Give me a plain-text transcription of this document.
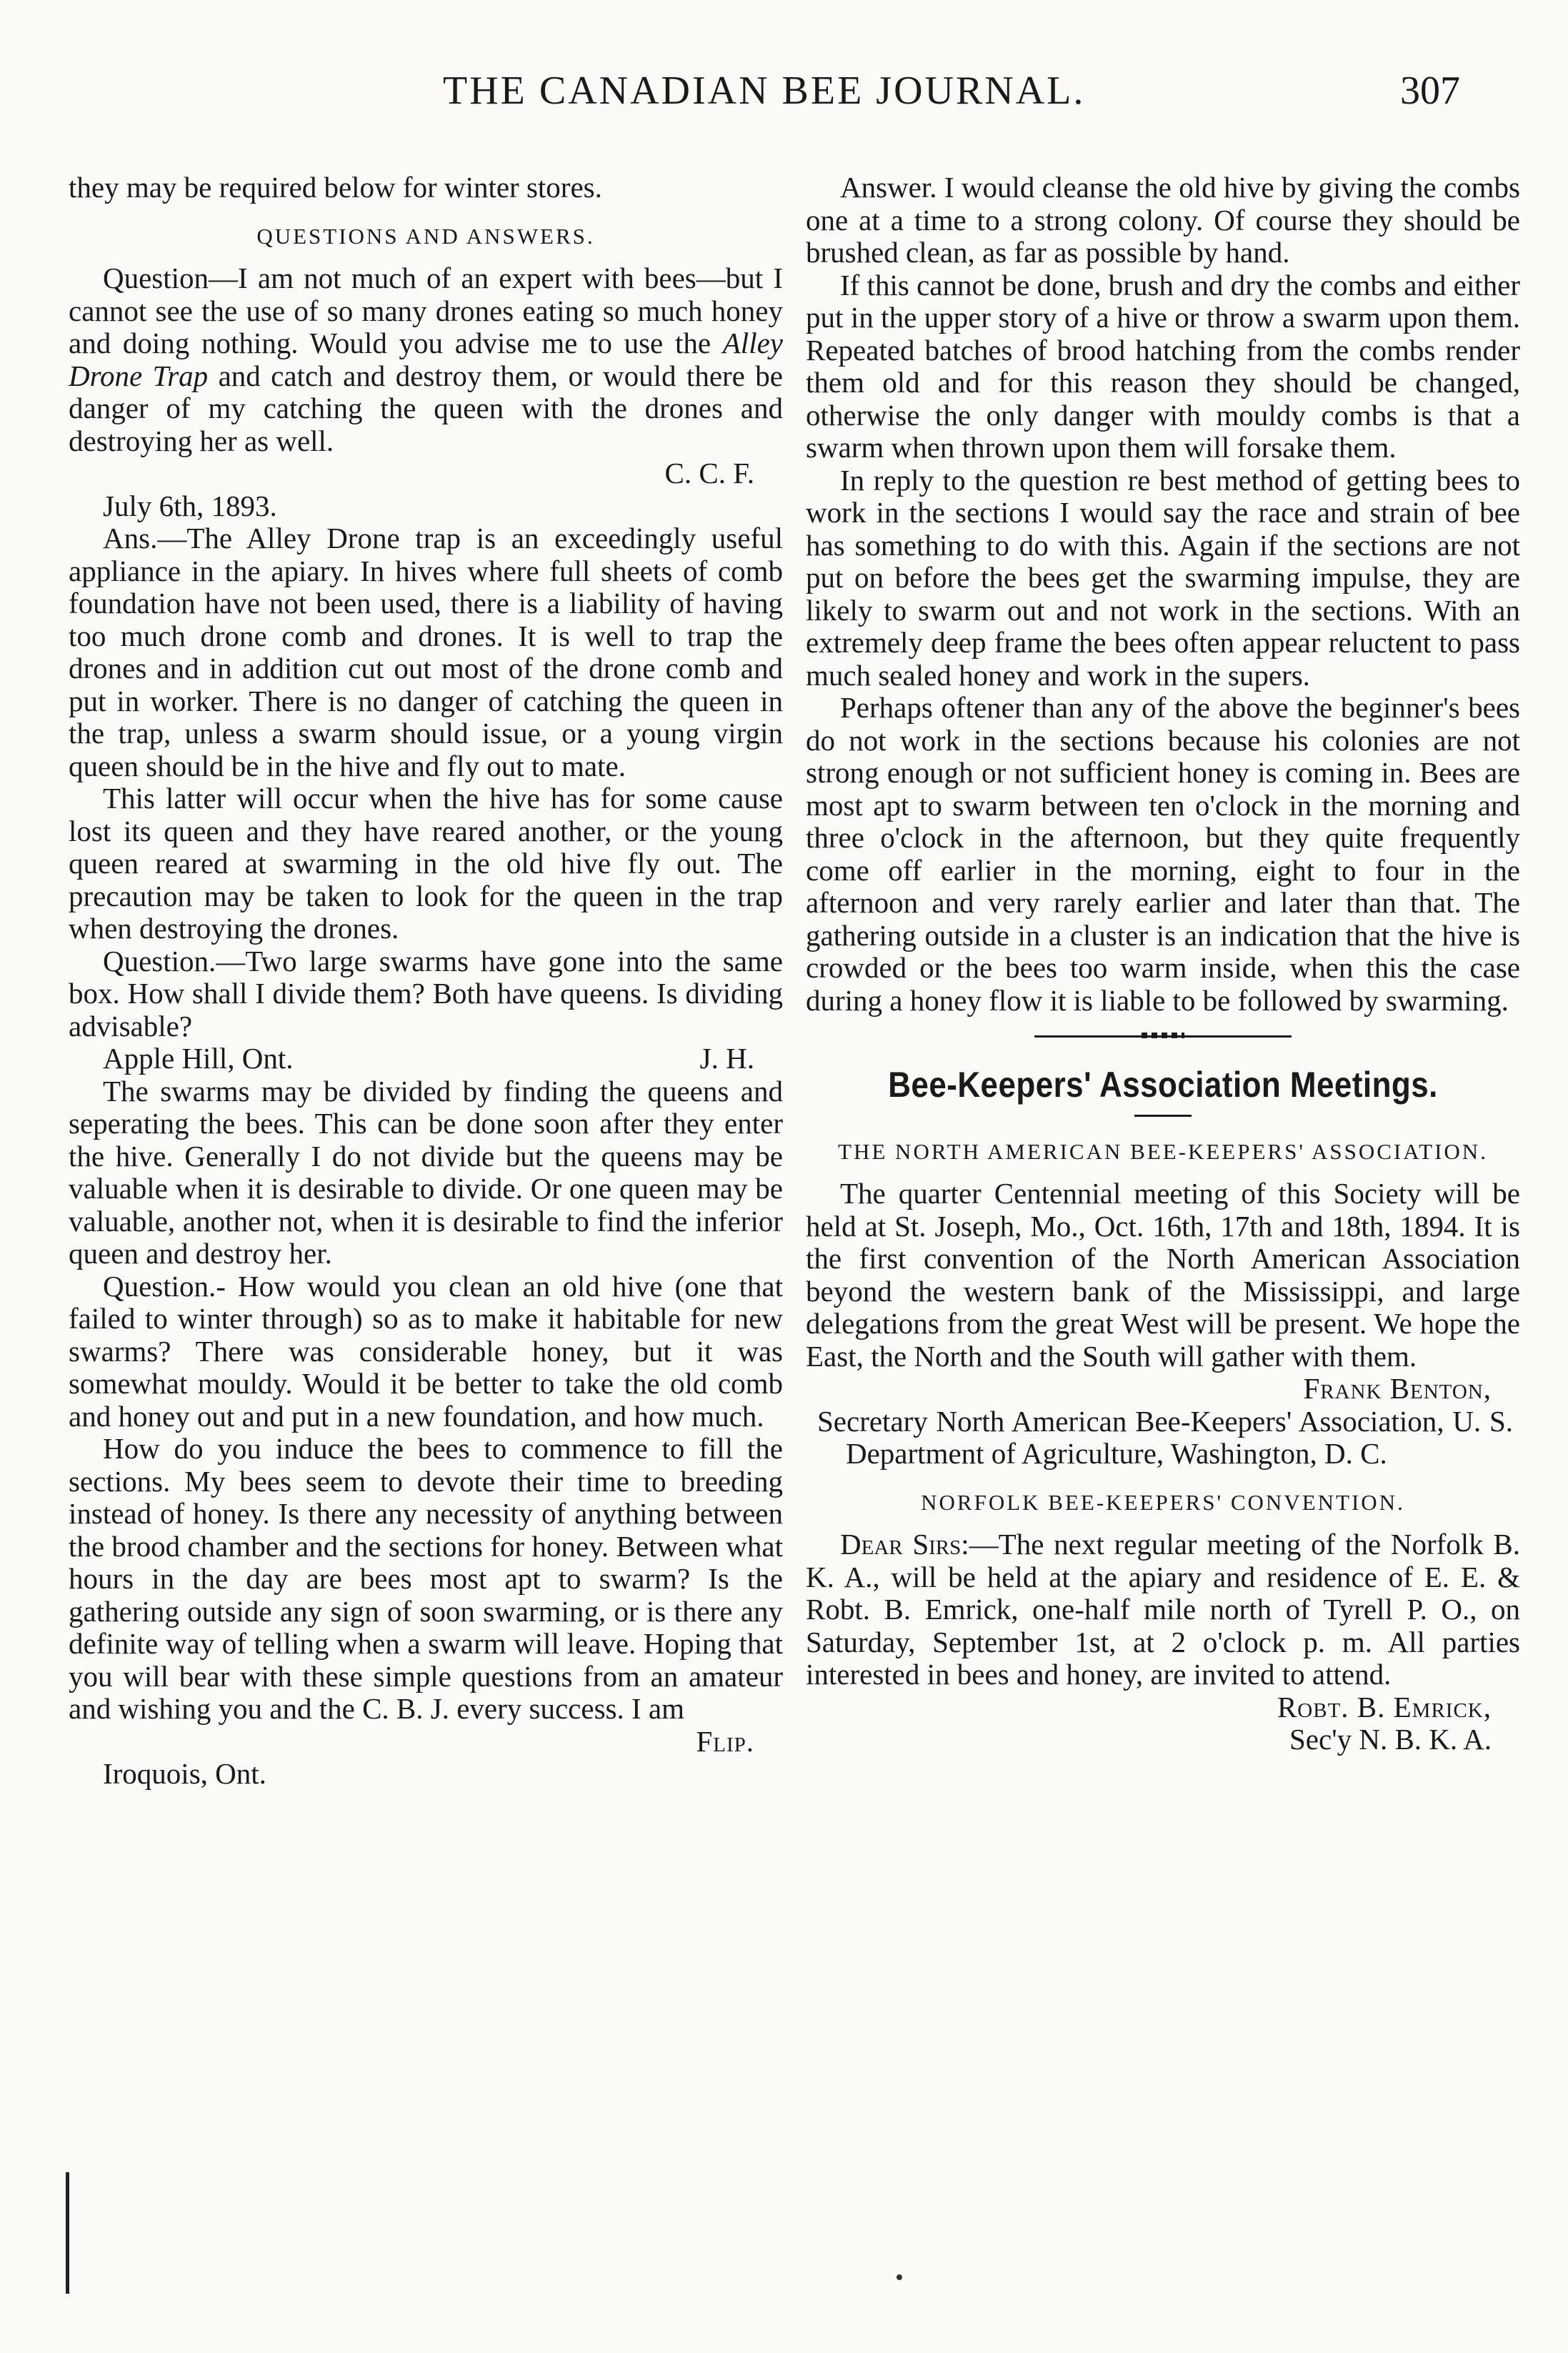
THE CANADIAN BEE JOURNAL.	307

they may be required below for winter stores.

QUESTIONS AND ANSWERS.

Question—I am not much of an expert with bees—but I cannot see the use of so many drones eating so much honey and doing nothing. Would you advise me to use the Alley Drone Trap and catch and destroy them, or would there be danger of my catching the queen with the drones and destroying her as well.

C. C. F.

July 6th, 1893.

Ans.—The Alley Drone trap is an exceedingly useful appliance in the apiary. In hives where full sheets of comb foundation have not been used, there is a liability of having too much drone comb and drones. It is well to trap the drones and in addition cut out most of the drone comb and put in worker. There is no danger of catching the queen in the trap, unless a swarm should issue, or a young virgin queen should be in the hive and fly out to mate.

This latter will occur when the hive has for some cause lost its queen and they have reared another, or the young queen reared at swarming in the old hive fly out. The precaution may be taken to look for the queen in the trap when destroying the drones.

Question.—Two large swarms have gone into the same box. How shall I divide them? Both have queens. Is dividing advisable?

Apple Hill, Ont.	J. H.

The swarms may be divided by finding the queens and seperating the bees. This can be done soon after they enter the hive. Generally I do not divide but the queens may be valuable when it is desirable to divide. Or one queen may be valuable, another not, when it is desirable to find the inferior queen and destroy her.

Question.- How would you clean an old hive (one that failed to winter through) so as to make it habitable for new swarms? There was considerable honey, but it was somewhat mouldy. Would it be better to take the old comb and honey out and put in a new foundation, and how much.

How do you induce the bees to commence to fill the sections. My bees seem to devote their time to breeding instead of honey. Is there any necessity of anything between the brood chamber and the sections for honey. Between what hours in the day are bees most apt to swarm? Is the gathering outside any sign of soon swarming, or is there any definite way of telling when a swarm will leave. Hoping that you will bear with these simple questions from an amateur and wishing you and the C. B. J. every success. I am

Flip.

Iroquois, Ont.

Answer. I would cleanse the old hive by giving the combs one at a time to a strong colony. Of course they should be brushed clean, as far as possible by hand.

If this cannot be done, brush and dry the combs and either put in the upper story of a hive or throw a swarm upon them. Repeated batches of brood hatching from the combs render them old and for this reason they should be changed, otherwise the only danger with mouldy combs is that a swarm when thrown upon them will forsake them.

In reply to the question re best method of getting bees to work in the sections I would say the race and strain of bee has something to do with this. Again if the sections are not put on before the bees get the swarming impulse, they are likely to swarm out and not work in the sections. With an extremely deep frame the bees often appear reluctent to pass much sealed honey and work in the supers.

Perhaps oftener than any of the above the beginner's bees do not work in the sections because his colonies are not strong enough or not sufficient honey is coming in. Bees are most apt to swarm between ten o'clock in the morning and three o'clock in the afternoon, but they quite frequently come off earlier in the morning, eight to four in the afternoon and very rarely earlier and later than that. The gathering outside in a cluster is an indication that the hive is crowded or the bees too warm inside, when this the case during a honey flow it is liable to be followed by swarming.

Bee-Keepers' Association Meetings.
THE NORTH AMERICAN BEE-KEEPERS' ASSOCIATION.

The quarter Centennial meeting of this Society will be held at St. Joseph, Mo., Oct. 16th, 17th and 18th, 1894. It is the first convention of the North American Association beyond the western bank of the Mississippi, and large delegations from the great West will be present. We hope the East, the North and the South will gather with them.

Frank Benton,

Secretary North American Bee-Keepers' Association, U. S. Department of Agriculture, Washington, D. C.

NORFOLK BEE-KEEPERS' CONVENTION.

Dear Sirs:—The next regular meeting of the Norfolk B. K. A., will be held at the apiary and residence of E. E. & Robt. B. Emrick, one-half mile north of Tyrell P. O., on Saturday, September 1st, at 2 o'clock p. m. All parties interested in bees and honey, are invited to attend.

Robt. B. Emrick,
Sec'y N. B. K. A.
